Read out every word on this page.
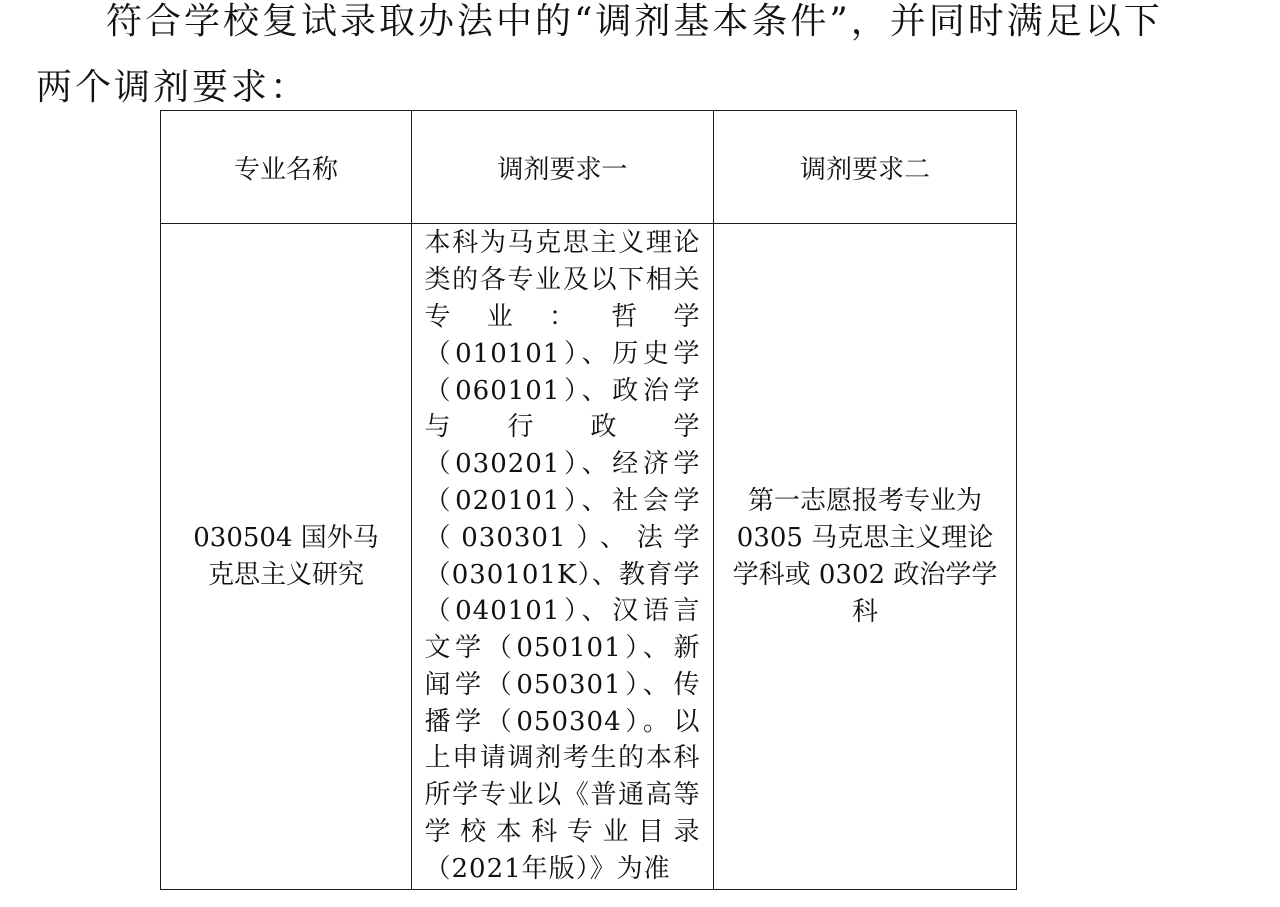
符合学校复试录取办法中的“调剂基本条件”，并同时满足以下
两个调剂要求：
专业名称	调剂要求一	调剂要求二

030504 国外马克思主义研究	本科为马克思主义理论类的各专业及以下相关专业：哲学（010101）、历史学（060101）、政治学与行政学（030201）、经济学（020101）、社会学（030301）、法学（030101K）、教育学（040101）、汉语言文学（050101）、新闻学（050301）、传播学（050304）。以上申请调剂考生的本科所学专业以《普通高等学校本科专业目录（2021年版）》为准	第一志愿报考专业为0305 马克思主义理论学科或 0302 政治学学科
